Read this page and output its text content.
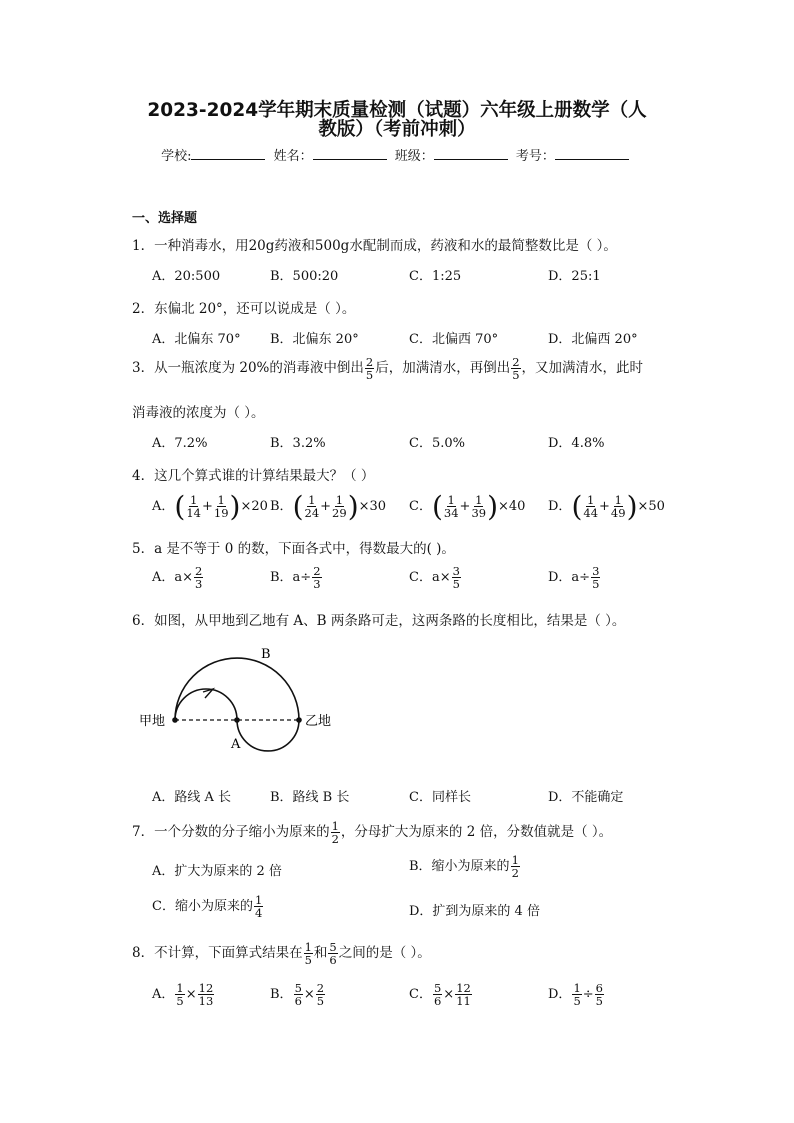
2023-2024学年期末质量检测（试题）六年级上册数学（人
教版）（考前冲刺）
学校:	姓名：	班级：	考号：
一、选择题
1．一种消毒水，用20g药液和500g水配制而成，药液和水的最简整数比是（ ）。
A．20:500	B．500:20	C．1:25	D．25:1
2．东偏北 20°，还可以说成是（ ）。
A．北偏东 70° B．北偏东 20°	C．北偏西 70°	D．北偏西 20°
3．从一瓶浓度为 20%的消毒液中倒出 $\frac{2}{5}$ 后，加满清水，再倒出 $\frac{2}{5}$ ，又加满清水，此时
消毒液的浓度为（ ）。
A．7.2%	B．3.2%	C．5.0%	D．4.8%
4．这几个算式谁的计算结果最大？（ ）
A．( $\frac{1}{14} + \frac{1}{19} )\times 20$ B．( $\frac{1}{24} + \frac{1}{29} )\times 30$ C．( $\frac{1}{34} + \frac{1}{39} )\times 40$ D．( $\frac{1}{44} + \frac{1}{49} )\times 50$
5．a 是不等于 0 的数，下面各式中，得数最大的( )。
A．$a\times \frac{2}{3}$	B．$a\div \frac{2}{3}$	C．$a\times \frac{3}{5}$	D．$a\div \frac{3}{5}$
6．如图，从甲地到乙地有 A、B 两条路可走，这两条路的长度相比，结果是（ ）。
甲地	乙地
A
B
A．路线 A 长	B．路线 B 长	C．同样长	D．不能确定
7．一个分数的分子缩小为原来的 $\frac{1}{2}$ ，分母扩大为原来的 2 倍，分数值就是（ ）。
A．扩大为原来的 2 倍	B．缩小为原来的 $\frac{1}{2}$
C．缩小为原来的 $\frac{1}{4}$	D．扩到为原来的 4 倍
8．不计算，下面算式结果在 $\frac{1}{5}$ 和 $\frac{5}{6}$ 之间的是（ ）。
A． $\frac{1}{5} \times \frac{12}{13}$	B． $\frac{5}{6} \times \frac{2}{5}$	C． $\frac{5}{6} \times \frac{12}{11}$	D． $\frac{1}{5} \div \frac{6}{5}$
